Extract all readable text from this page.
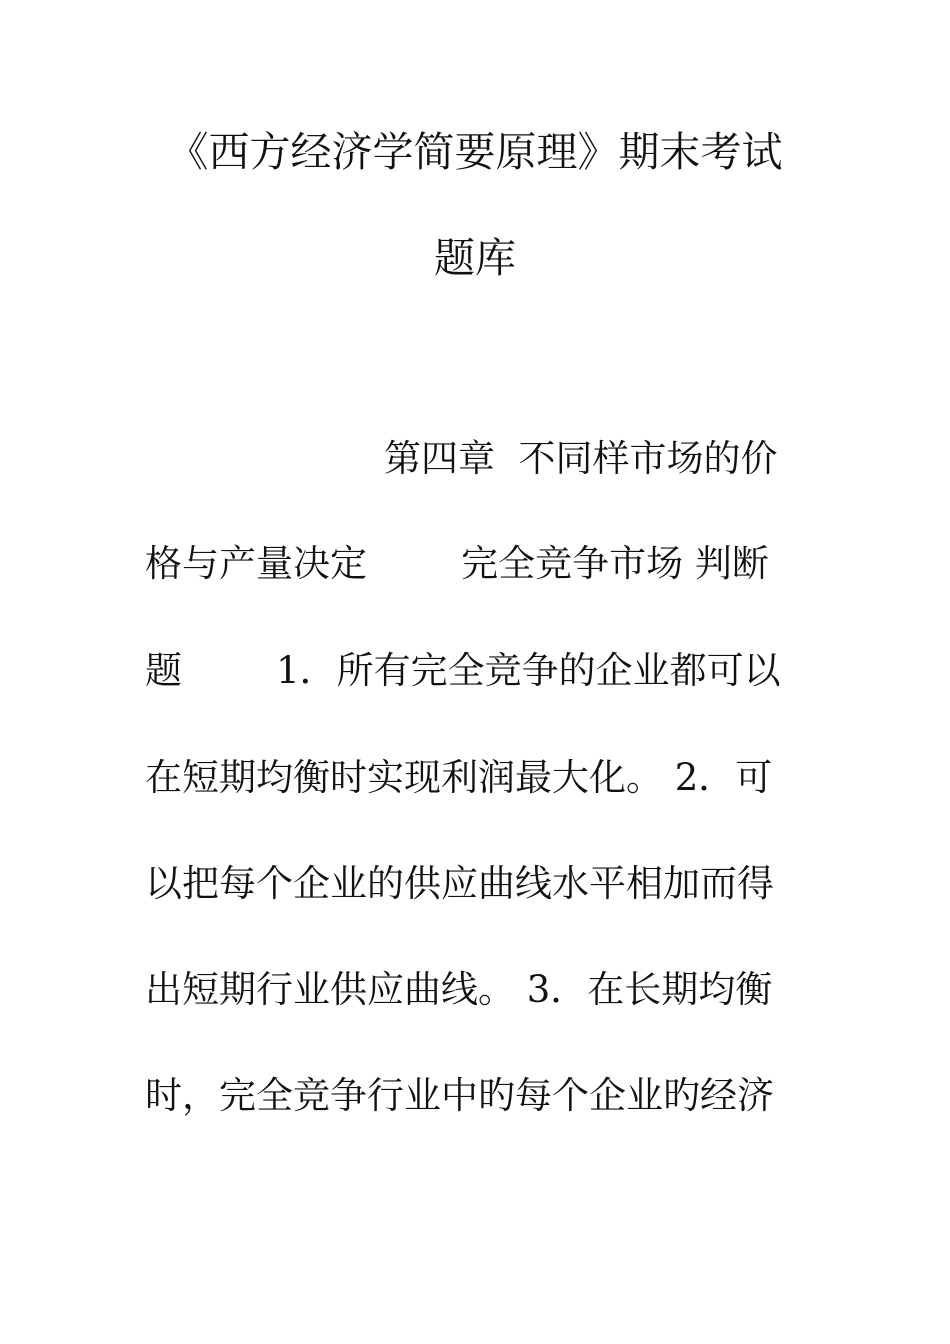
《西方经济学简要原理》期末考试
题库
第四章  不同样市场的价
格与产量决定        完全竞争市场 判断
题        1．所有完全竞争的企业都可以
在短期均衡时实现利润最大化。 2．可
以把每个企业的供应曲线水平相加而得
出短期行业供应曲线。 3．在长期均衡
时，完全竞争行业中旳每个企业旳经济
